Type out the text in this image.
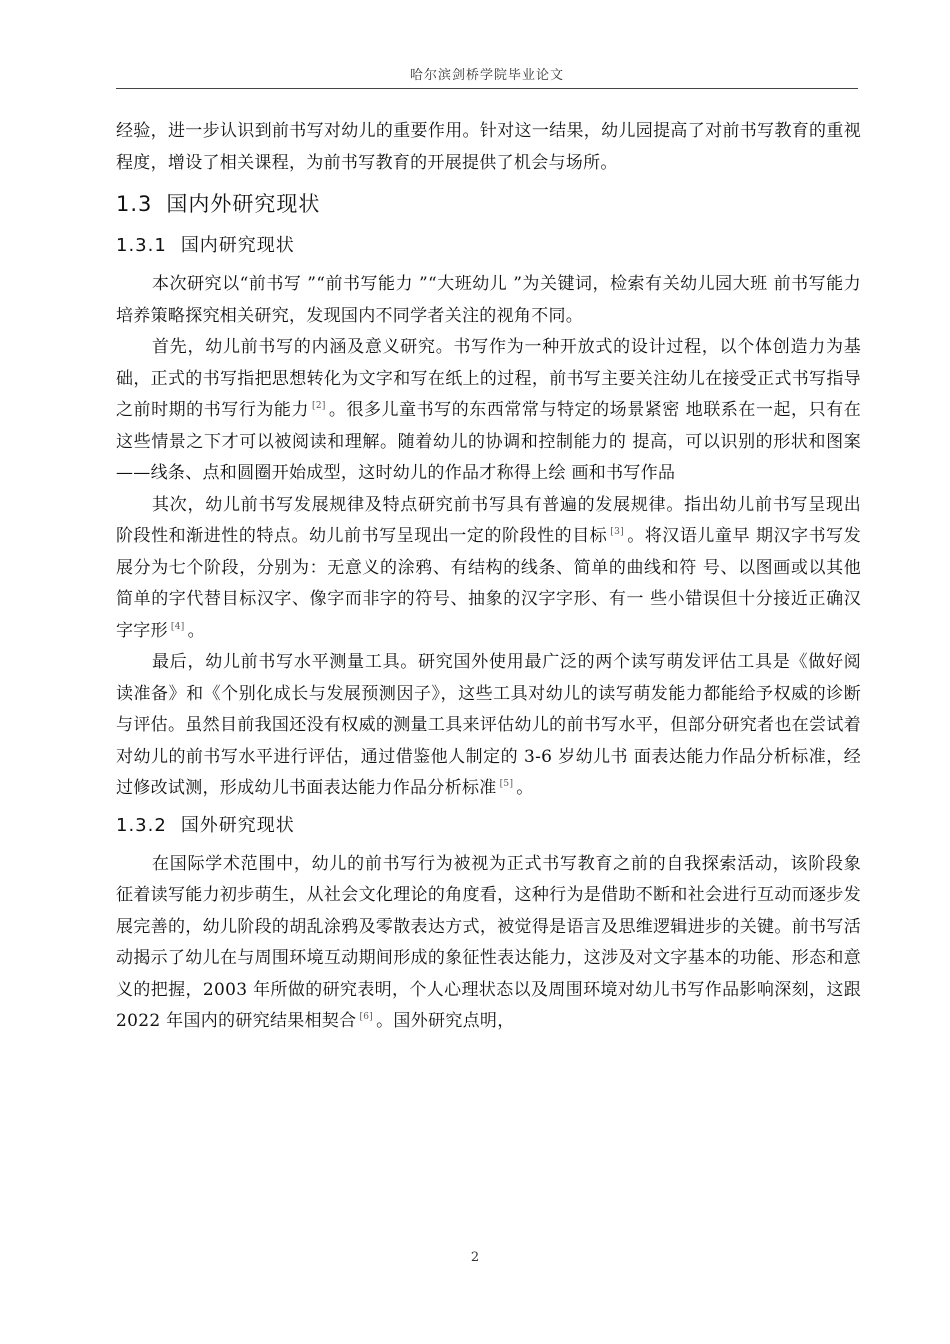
哈尔滨剑桥学院毕业论文

经验，进一步认识到前书写对幼儿的重要作用。针对这一结果，幼儿园提高了对前书写教育的重视程度，增设了相关课程，为前书写教育的开展提供了机会与场所。

1.3 国内外研究现状
1.3.1 国内研究现状

本次研究以“前书写 ”“前书写能力 ”“大班幼儿 ”为关键词，检索有关幼儿园大班 前书写能力培养策略探究相关研究，发现国内不同学者关注的视角不同。

首先，幼儿前书写的内涵及意义研究。书写作为一种开放式的设计过程，以个体创造力为基础，正式的书写指把思想转化为文字和写在纸上的过程，前书写主要关注幼儿在接受正式书写指导之前时期的书写行为能力 [2] 。很多儿童书写的东西常常与特定的场景紧密 地联系在一起，只有在这些情景之下才可以被阅读和理解。随着幼儿的协调和控制能力的 提高，可以识别的形状和图案——线条、点和圆圈开始成型，这时幼儿的作品才称得上绘 画和书写作品

其次，幼儿前书写发展规律及特点研究前书写具有普遍的发展规律。指出幼儿前书写呈现出阶段性和渐进性的特点。幼儿前书写呈现出一定的阶段性的目标 [3] 。将汉语儿童早 期汉字书写发展分为七个阶段，分别为：无意义的涂鸦、有结构的线条、简单的曲线和符 号、以图画或以其他简单的字代替目标汉字、像字而非字的符号、抽象的汉字字形、有一 些小错误但十分接近正确汉字字形 [4] 。

最后，幼儿前书写水平测量工具。研究国外使用最广泛的两个读写萌发评估工具是《做好阅读准备》和《个别化成长与发展预测因子》，这些工具对幼儿的读写萌发能力都能给予权威的诊断与评估。虽然目前我国还没有权威的测量工具来评估幼儿的前书写水平，但部分研究者也在尝试着对幼儿的前书写水平进行评估，通过借鉴他人制定的 3-6 岁幼儿书 面表达能力作品分析标准，经过修改试测，形成幼儿书面表达能力作品分析标准 [5] 。

1.3.2 国外研究现状

在国际学术范围中，幼儿的前书写行为被视为正式书写教育之前的自我探索活动，该阶段象征着读写能力初步萌生，从社会文化理论的角度看，这种行为是借助不断和社会进行互动而逐步发展完善的，幼儿阶段的胡乱涂鸦及零散表达方式，被觉得是语言及思维逻辑进步的关键。前书写活动揭示了幼儿在与周围环境互动期间形成的象征性表达能力，这涉及对文字基本的功能、形态和意义的把握，2003 年所做的研究表明，个人心理状态以及周围环境对幼儿书写作品影响深刻，这跟 2022 年国内的研究结果相契合 [6] 。国外研究点明，

2
